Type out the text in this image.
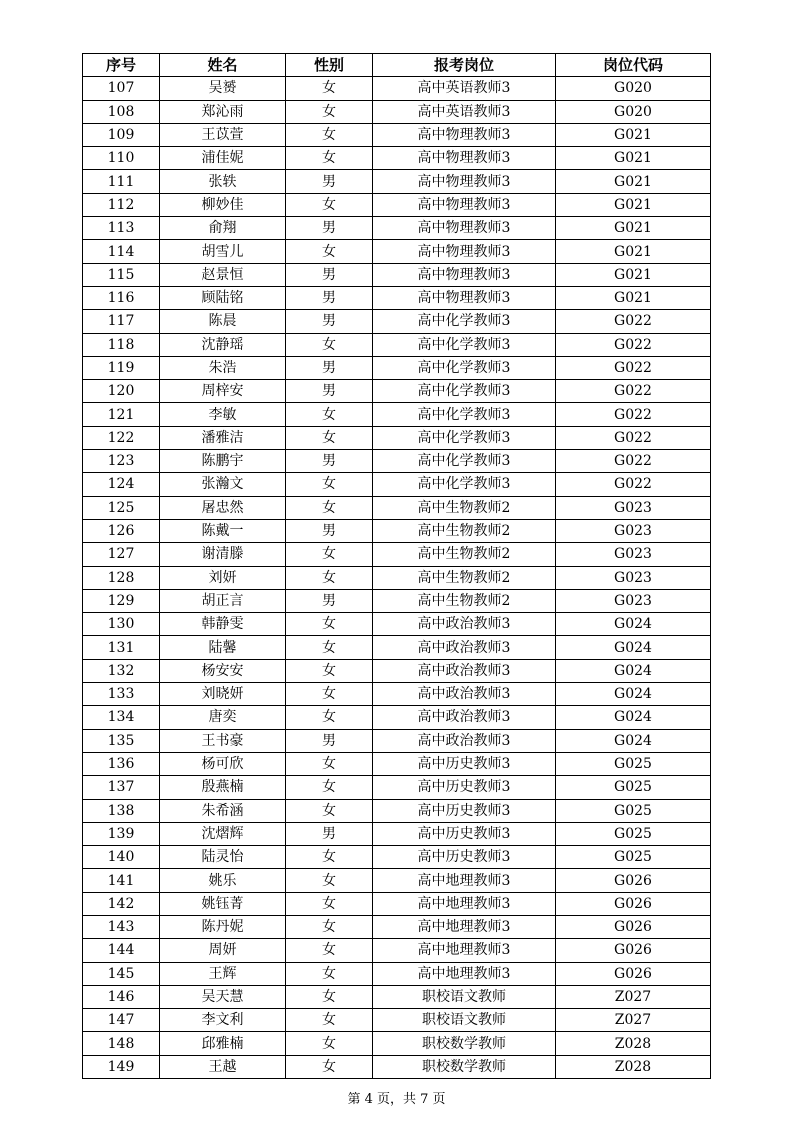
序号	姓名	性别	报考岗位	岗位代码
107	吴赟	女	高中英语教师3	G020
108	郑沁雨	女	高中英语教师3	G020
109	王苡萱	女	高中物理教师3	G021
110	浦佳妮	女	高中物理教师3	G021
111	张轶	男	高中物理教师3	G021
112	柳妙佳	女	高中物理教师3	G021
113	俞翔	男	高中物理教师3	G021
114	胡雪儿	女	高中物理教师3	G021
115	赵景恒	男	高中物理教师3	G021
116	顾陆铭	男	高中物理教师3	G021
117	陈晨	男	高中化学教师3	G022
118	沈静瑶	女	高中化学教师3	G022
119	朱浩	男	高中化学教师3	G022
120	周梓安	男	高中化学教师3	G022
121	李敏	女	高中化学教师3	G022
122	潘雅洁	女	高中化学教师3	G022
123	陈鹏宇	男	高中化学教师3	G022
124	张瀚文	女	高中化学教师3	G022
125	屠忠然	女	高中生物教师2	G023
126	陈戴一	男	高中生物教师2	G023
127	谢清滕	女	高中生物教师2	G023
128	刘妍	女	高中生物教师2	G023
129	胡正言	男	高中生物教师2	G023
130	韩静雯	女	高中政治教师3	G024
131	陆馨	女	高中政治教师3	G024
132	杨安安	女	高中政治教师3	G024
133	刘晓妍	女	高中政治教师3	G024
134	唐奕	女	高中政治教师3	G024
135	王书豪	男	高中政治教师3	G024
136	杨可欣	女	高中历史教师3	G025
137	殷燕楠	女	高中历史教师3	G025
138	朱希涵	女	高中历史教师3	G025
139	沈熠辉	男	高中历史教师3	G025
140	陆灵怡	女	高中历史教师3	G025
141	姚乐	女	高中地理教师3	G026
142	姚钰菁	女	高中地理教师3	G026
143	陈丹妮	女	高中地理教师3	G026
144	周妍	女	高中地理教师3	G026
145	王辉	女	高中地理教师3	G026
146	吴天慧	女	职校语文教师	Z027
147	李文利	女	职校语文教师	Z027
148	邱雅楠	女	职校数学教师	Z028
149	王越	女	职校数学教师	Z028
第 4 页，共 7 页
